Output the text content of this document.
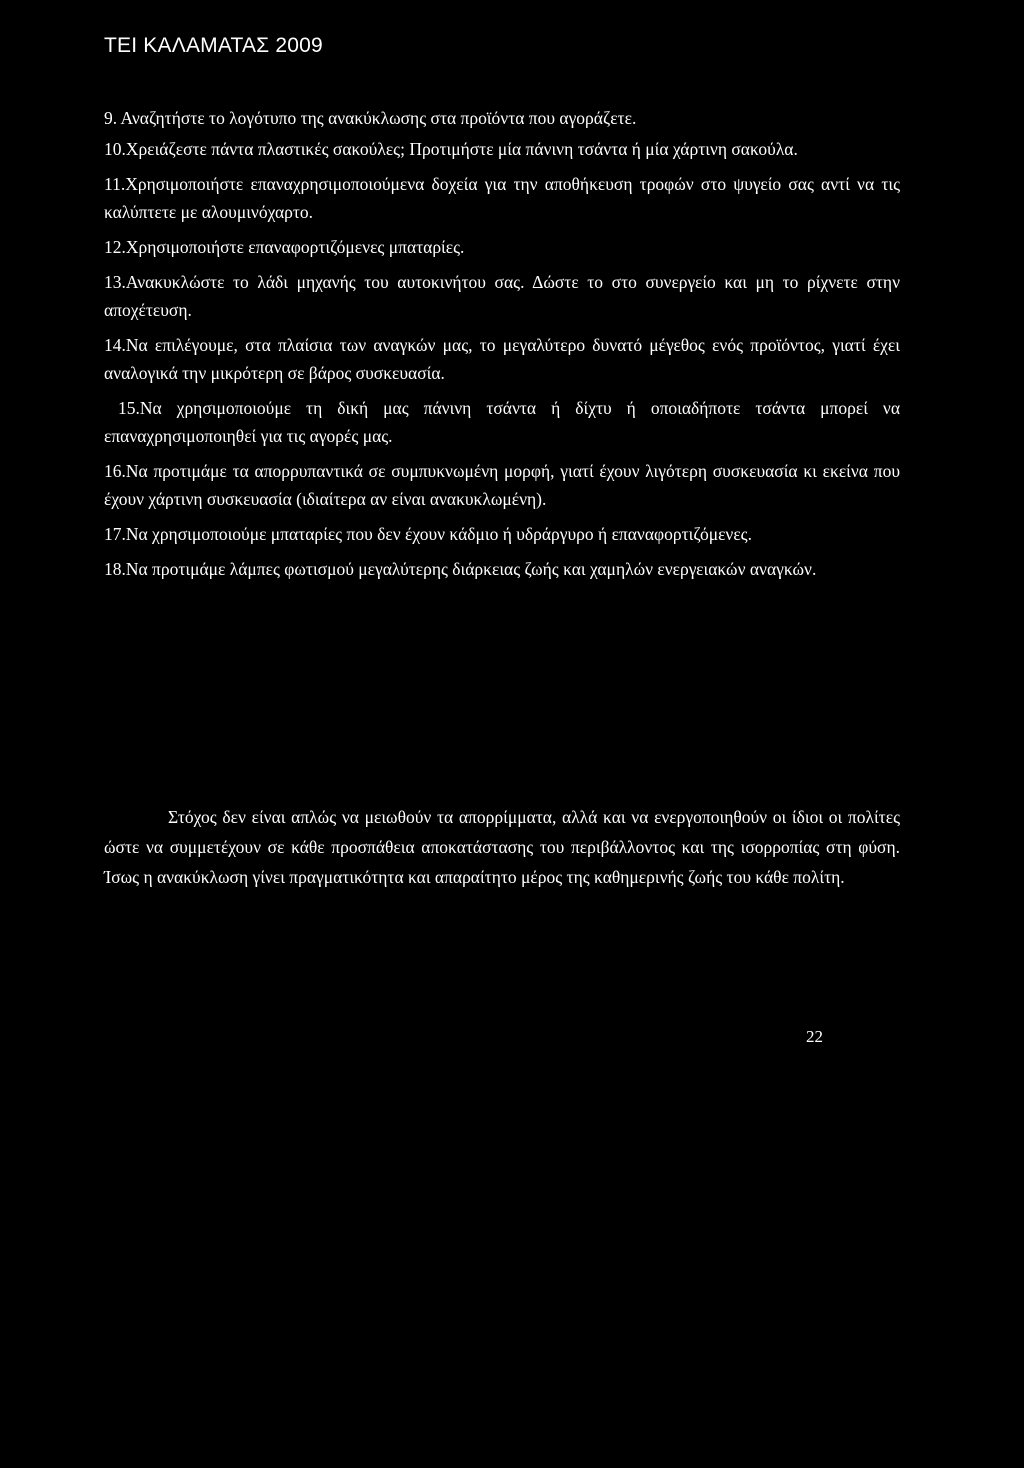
ΤΕΙ ΚΑΛΑΜΑΤΑΣ 2009

9. Αναζητήστε το λογότυπο της ανακύκλωσης στα προϊόντα που αγοράζετε.

10.Χρειάζεστε πάντα πλαστικές σακούλες; Προτιμήστε μία πάνινη τσάντα ή μία χάρτινη σακούλα.

11.Χρησιμοποιήστε επαναχρησιμοποιούμενα δοχεία για την αποθήκευση τροφών στο ψυγείο σας αντί να τις καλύπτετε με αλουμινόχαρτο.

12.Χρησιμοποιήστε επαναφορτιζόμενες μπαταρίες.

13.Ανακυκλώστε το λάδι μηχανής του αυτοκινήτου σας. Δώστε το στο συνεργείο και μη το ρίχνετε στην αποχέτευση.

14.Να επιλέγουμε, στα πλαίσια των αναγκών μας, το μεγαλύτερο δυνατό μέγεθος ενός προϊόντος, γιατί έχει αναλογικά την μικρότερη σε βάρος συσκευασία.

15.Να χρησιμοποιούμε τη δική μας πάνινη τσάντα ή δίχτυ ή οποιαδήποτε τσάντα μπορεί να επαναχρησιμοποιηθεί για τις αγορές μας.

16.Να προτιμάμε τα απορρυπαντικά σε συμπυκνωμένη μορφή, γιατί έχουν λιγότερη συσκευασία κι εκείνα που έχουν χάρτινη συσκευασία (ιδιαίτερα αν είναι ανακυκλωμένη).

17.Να χρησιμοποιούμε μπαταρίες που δεν έχουν κάδμιο ή υδράργυρο ή επαναφορτιζόμενες.

18.Να προτιμάμε λάμπες φωτισμού μεγαλύτερης διάρκειας ζωής και χαμηλών ενεργειακών αναγκών.

Στόχος δεν είναι απλώς να μειωθούν τα απορρίμματα, αλλά και να ενεργοποιηθούν οι ίδιοι οι πολίτες ώστε να συμμετέχουν σε κάθε προσπάθεια αποκατάστασης του περιβάλλοντος και της ισορροπίας στη φύση. Ίσως η ανακύκλωση γίνει πραγματικότητα και απαραίτητο μέρος της καθημερινής ζωής του κάθε πολίτη.

22
